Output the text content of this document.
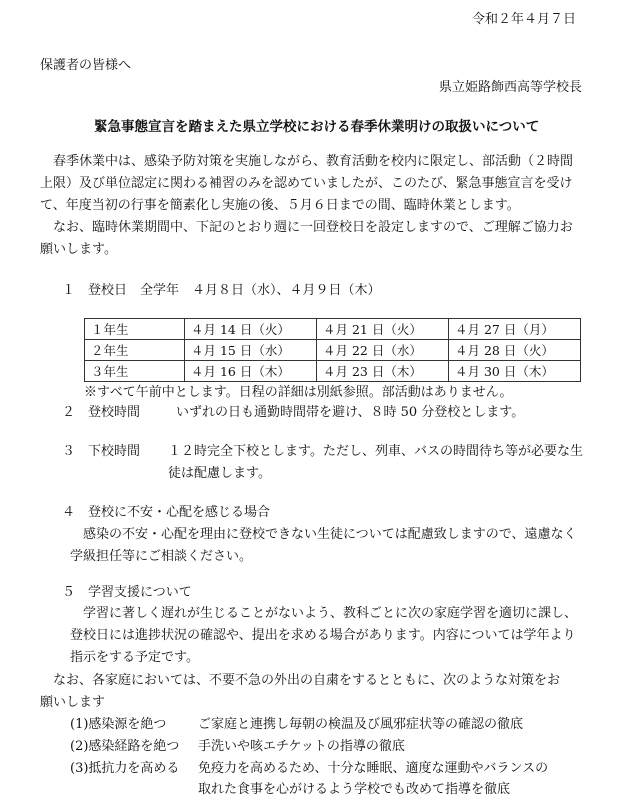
令和２年４月７日
保護者の皆様へ
県立姫路飾西高等学校長
緊急事態宣言を踏まえた県立学校における春季休業明けの取扱いについて
　春季休業中は、感染予防対策を実施しながら、教育活動を校内に限定し、部活動（２時間
上限）及び単位認定に関わる補習のみを認めていましたが、このたび、緊急事態宣言を受け
て、年度当初の行事を簡素化し実施の後、５月６日までの間、臨時休業とします。
　なお、臨時休業期間中、下記のとおり週に一回登校日を設定しますので、ご理解ご協力お
願いします。
１　登校日　全学年　４月８日（水）、４月９日（木）
１年生	４月 14 日（火）	４月 21 日（火）	４月 27 日（月）
２年生	４月 15 日（水）	４月 22 日（水）	４月 28 日（火）
３年生	４月 16 日（木）	４月 23 日（木）	４月 30 日（木）
※すべて午前中とします。日程の詳細は別紙参照。部活動はありません。
２　登校時間	いずれの日も通勤時間帯を避け、８時 50 分登校とします。
３　下校時間 １２時完全下校とします。ただし、列車、バスの時間待ち等が必要な生
徒は配慮します。
４　登校に不安・心配を感じる場合
　感染の不安・心配を理由に登校できない生徒については配慮致しますので、遠慮なく
学級担任等にご相談ください。
５　学習支援について
　学習に著しく遅れが生じることがないよう、教科ごとに次の家庭学習を適切に課し、
登校日には進捗状況の確認や、提出を求める場合があります。内容については学年より
指示をする予定です。
　なお、各家庭においては、不要不急の外出の自粛をするとともに、次のような対策をお
願いします
(1)感染源を絶つ ご家庭と連携し毎朝の検温及び風邪症状等の確認の徹底
(2)感染経路を絶つ 手洗いや咳エチケットの指導の徹底
(3)抵抗力を高める 免疫力を高めるため、十分な睡眠、適度な運動やバランスの
取れた食事を心がけるよう学校でも改めて指導を徹底
